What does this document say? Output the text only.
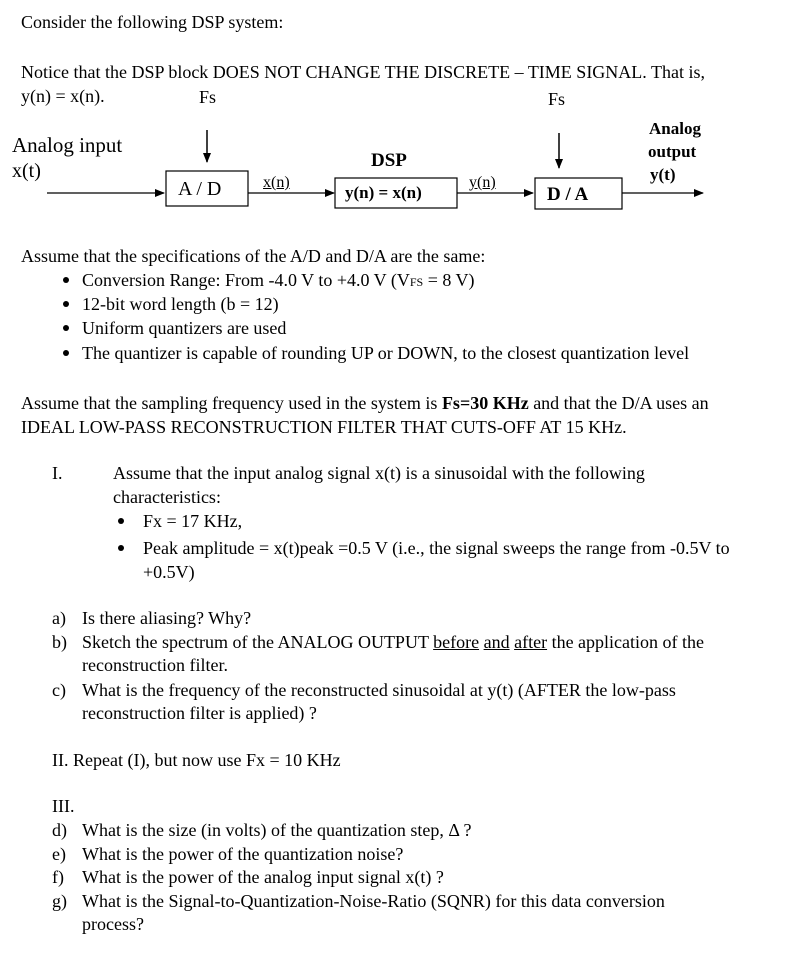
Consider the following DSP system:
Notice that the DSP block DOES NOT CHANGE THE DISCRETE – TIME SIGNAL. That is,
y(n) = x(n).	Fs	Fs
Analog input
x(t)
A / D	x(n)
DSP
y(n) = x(n)
y(n)
D / A
Analog
output
y(t)
Assume that the specifications of the A/D and D/A are the same:
Conversion Range: From -4.0 V to +4.0 V (VFS = 8 V)
12-bit word length (b = 12)
Uniform quantizers are used
The quantizer is capable of rounding UP or DOWN, to the closest quantization level
Assume that the sampling frequency used in the system is Fs=30 KHz and that the D/A uses an
IDEAL LOW-PASS RECONSTRUCTION FILTER THAT CUTS-OFF AT 15 KHz.
I.	Assume that the input analog signal x(t) is a sinusoidal with the following
characteristics:
Fx = 17 KHz,
Peak amplitude = x(t)peak =0.5 V (i.e., the signal sweeps the range from -0.5V to
+0.5V)
a) Is there aliasing? Why?
b) Sketch the spectrum of the ANALOG OUTPUT before and after the application of the
reconstruction filter.
c) What is the frequency of the reconstructed sinusoidal at y(t) (AFTER the low-pass
reconstruction filter is applied) ?
II. Repeat (I), but now use Fx = 10 KHz
III.
d) What is the size (in volts) of the quantization step, Δ ?
e) What is the power of the quantization noise?
f) What is the power of the analog input signal x(t) ?
g) What is the Signal-to-Quantization-Noise-Ratio (SQNR) for this data conversion
process?
